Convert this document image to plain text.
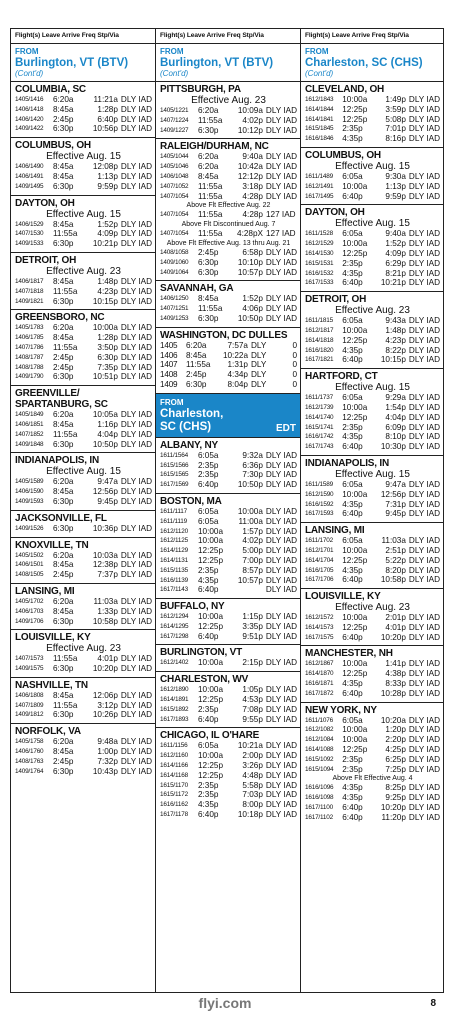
Flight(s) Leave Arrive Freq Stp/Via
FROM
Burlington, VT (BTV)
(Cont'd)
COLUMBIA, SC
1405/1416	6:20a	11:21a DLY IAD
1406/1418	8:45a	1:28p DLY IAD
1406/1420	2:45p	6:40p DLY IAD
1409/1422	6:30p	10:56p DLY IAD
COLUMBUS, OH
Effective Aug. 15
1406/1490	8:45a	12:08p DLY IAD
1406/1491	8:45a	1:13p DLY IAD
1409/1495	6:30p	9:59p DLY IAD
DAYTON, OH
Effective Aug. 15
1406/1529	8:45a	1:52p DLY IAD
1407/1530	11:55a	4:09p DLY IAD
1409/1533	6:30p	10:21p DLY IAD
DETROIT, OH
Effective Aug. 23
1406/1817	8:45a	1:48p DLY IAD
1407/1818	11:55a	4:23p DLY IAD
1409/1821	6:30p	10:15p DLY IAD
GREENSBORO, NC
1405/1783	6:20a	10:00a DLY IAD
1406/1785	8:45a	1:28p DLY IAD
1407/1786	11:55a	3:50p DLY IAD
1408/1787	2:45p	6:30p DLY IAD
1408/1788	2:45p	7:35p DLY IAD
1409/1790	6:30p	10:51p DLY IAD
GREENVILLE/
SPARTANBURG, SC
1405/1849	6:20a	10:05a DLY IAD
1406/1851	8:45a	1:16p DLY IAD
1407/1852	11:55a	4:04p DLY IAD
1409/1848	6:30p	10:50p DLY IAD
INDIANAPOLIS, IN
Effective Aug. 15
1405/1589	6:20a	9:47a DLY IAD
1406/1590	8:45a	12:56p DLY IAD
1409/1593	6:30p	9:45p DLY IAD
JACKSONVILLE, FL
1409/1526	6:30p	10:36p DLY IAD
KNOXVILLE, TN
1405/1502	6:20a	10:03a DLY IAD
1406/1501	8:45a	12:38p DLY IAD
1408/1505	2:45p	7:37p DLY IAD
LANSING, MI
1405/1702	6:20a	11:03a DLY IAD
1406/1703	8:45a	1:33p DLY IAD
1409/1706	6:30p	10:58p DLY IAD
LOUISVILLE, KY
Effective Aug. 23
1407/1573	11:55a	4:01p DLY IAD
1409/1575	6:30p	10:20p DLY IAD
NASHVILLE, TN
1406/1808	8:45a	12:06p DLY IAD
1407/1809	11:55a	3:12p DLY IAD
1409/1812	6:30p	10:26p DLY IAD
NORFOLK, VA
1405/1758	6:20a	9:48a DLY IAD
1406/1760	8:45a	1:00p DLY IAD
1408/1763	2:45p	7:32p DLY IAD
1409/1764	6:30p	10:43p DLY IAD
Flight(s) Leave Arrive Freq Stp/Via
FROM
Burlington, VT (BTV)
(Cont'd)
PITTSBURGH, PA
Effective Aug. 23
1405/1221	6:20a	10:09a DLY IAD
1407/1224	11:55a	4:02p DLY IAD
1409/1227	6:30p	10:12p DLY IAD
RALEIGH/DURHAM, NC
1405/1044	6:20a	9:40a DLY IAD
1405/1046	6:20a	10:42a DLY IAD
1406/1048	8:45a	12:12p DLY IAD
1407/1052	11:55a	3:18p DLY IAD
1407/1054	11:55a	4:28p DLY IAD
Above Flt Effective Aug. 22
1407/1054	11:55a	4:28p 127 IAD
Above Flt Discontinued Aug. 7
1407/1054	11:55a	4:28pX 127 IAD
Above Flt Effective Aug. 13 thru Aug. 21
1408/1058	2:45p	6:58p DLY IAD
1409/1060	6:30p	10:10p DLY IAD
1409/1064	6:30p	10:57p DLY IAD
SAVANNAH, GA
1406/1250	8:45a	1:52p DLY IAD
1407/1251	11:55a	4:06p DLY IAD
1409/1253	6:30p	10:50p DLY IAD
WASHINGTON, DC DULLES
1405	6:20a	7:57a DLY	0
1406	8:45a	10:22a DLY	0
1407	11:55a	1:31p DLY	0
1408	2:45p	4:34p DLY	0
1409	6:30p	8:04p DLY	0
FROM
Charleston,
SC (CHS)	EDT
ALBANY, NY
1611/1564	6:05a	9:32a DLY IAD
1615/1566	2:35p	6:36p DLY IAD
1615/1565	2:35p	7:30p DLY IAD
1617/1569	6:40p	10:50p DLY IAD
BOSTON, MA
1611/1117	6:05a	10:00a DLY IAD
1611/1119	6:05a	11:00a DLY IAD
1612/1120	10:00a	1:57p DLY IAD
1612/1125	10:00a	4:02p DLY IAD
1614/1129	12:25p	5:00p DLY IAD
1614/1131	12:25p	7:00p DLY IAD
1615/1135	2:35p	8:57p DLY IAD
1616/1139	4:35p	10:57p DLY IAD
1617/1143	6:40p	DLY IAD
BUFFALO, NY
1612/1294	10:00a	1:15p DLY IAD
1614/1295	12:25p	3:35p DLY IAD
1617/1298	6:40p	9:51p DLY IAD
BURLINGTON, VT
1612/1402	10:00a	2:15p DLY IAD
CHARLESTON, WV
1612/1890	10:00a	1:05p DLY IAD
1614/1891	12:25p	4:53p DLY IAD
1615/1892	2:35p	7:08p DLY IAD
1617/1893	6:40p	9:55p DLY IAD
CHICAGO, IL O'HARE
1611/1156	6:05a	10:21a DLY IAD
1612/1160	10:00a	2:00p DLY IAD
1614/1166	12:25p	3:26p DLY IAD
1614/1168	12:25p	4:48p DLY IAD
1615/1170	2:35p	5:58p DLY IAD
1615/1172	2:35p	7:03p DLY IAD
1616/1162	4:35p	8:00p DLY IAD
1617/1178	6:40p	10:18p DLY IAD
Flight(s) Leave Arrive Freq Stp/Via
FROM
Charleston, SC (CHS)
(Cont'd)
CLEVELAND, OH
1612/1843	10:00a	1:49p DLY IAD
1614/1844	12:25p	3:59p DLY IAD
1614/1841	12:25p	5:08p DLY IAD
1615/1845	2:35p	7:01p DLY IAD
1616/1846	4:35p	8:16p DLY IAD
COLUMBUS, OH
Effective Aug. 15
1611/1489	6:05a	9:30a DLY IAD
1612/1491	10:00a	1:13p DLY IAD
1617/1495	6:40p	9:59p DLY IAD
DAYTON, OH
Effective Aug. 15
1611/1528	6:05a	9:40a DLY IAD
1612/1529	10:00a	1:52p DLY IAD
1614/1530	12:25p	4:09p DLY IAD
1615/1531	2:35p	6:29p DLY IAD
1616/1532	4:35p	8:21p DLY IAD
1617/1533	6:40p	10:21p DLY IAD
DETROIT, OH
Effective Aug. 23
1611/1815	6:05a	9:43a DLY IAD
1612/1817	10:00a	1:48p DLY IAD
1614/1818	12:25p	4:23p DLY IAD
1616/1820	4:35p	8:22p DLY IAD
1617/1821	6:40p	10:15p DLY IAD
HARTFORD, CT
Effective Aug. 15
1611/1737	6:05a	9:29a DLY IAD
1612/1739	10:00a	1:54p DLY IAD
1614/1740	12:25p	4:04p DLY IAD
1615/1741	2:35p	6:09p DLY IAD
1616/1742	4:35p	8:10p DLY IAD
1617/1743	6:40p	10:30p DLY IAD
INDIANAPOLIS, IN
Effective Aug. 15
1611/1589	6:05a	9:47a DLY IAD
1612/1590	10:00a	12:56p DLY IAD
1616/1592	4:35p	7:31p DLY IAD
1617/1593	6:40p	9:45p DLY IAD
LANSING, MI
1611/1702	6:05a	11:03a DLY IAD
1612/1701	10:00a	2:51p DLY IAD
1614/1704	12:25p	5:22p DLY IAD
1616/1705	4:35p	8:20p DLY IAD
1617/1706	6:40p	10:58p DLY IAD
LOUISVILLE, KY
Effective Aug. 23
1612/1572	10:00a	2:01p DLY IAD
1614/1573	12:25p	4:01p DLY IAD
1617/1575	6:40p	10:20p DLY IAD
MANCHESTER, NH
1612/1867	10:00a	1:41p DLY IAD
1614/1870	12:25p	4:38p DLY IAD
1616/1871	4:35p	8:33p DLY IAD
1617/1872	6:40p	10:28p DLY IAD
NEW YORK, NY
1611/1076	6:05a	10:20a DLY IAD
1612/1082	10:00a	1:20p DLY IAD
1612/1084	10:00a	2:20p DLY IAD
1614/1088	12:25p	4:25p DLY IAD
1615/1092	2:35p	6:25p DLY IAD
1615/1094	2:35p	7:25p DLY IAD
Above Flt Effective Aug. 4
1616/1096	4:35p	8:25p DLY IAD
1616/1098	4:35p	9:25p DLY IAD
1617/1100	6:40p	10:20p DLY IAD
1617/1102	6:40p	11:20p DLY IAD
flyi.com	8
